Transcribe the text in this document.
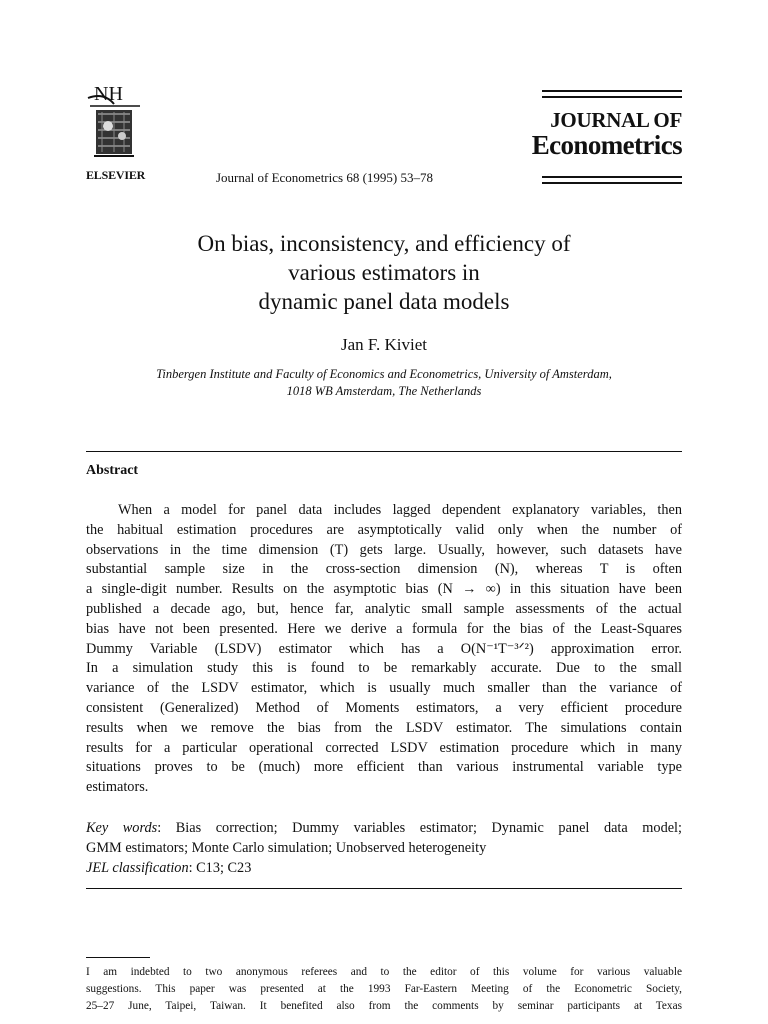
NH
ELSEVIER	Journal of Econometrics 68 (1995) 53–78
JOURNAL OF
Econometrics
On bias, inconsistency, and efficiency of
various estimators in
dynamic panel data models
Jan F. Kiviet
Tinbergen Institute and Faculty of Economics and Econometrics, University of Amsterdam,
1018 WB Amsterdam, The Netherlands
Abstract
When a model for panel data includes lagged dependent explanatory variables, then
the habitual estimation procedures are asymptotically valid only when the number of
observations in the time dimension (T) gets large. Usually, however, such datasets have
substantial sample size in the cross-section dimension (N), whereas T is often
a single-digit number. Results on the asymptotic bias (N → ∞) in this situation have been
published a decade ago, but, hence far, analytic small sample assessments of the actual
bias have not been presented. Here we derive a formula for the bias of the Least-Squares
Dummy Variable (LSDV) estimator which has a O(N⁻¹T⁻³ᐟ²) approximation error.
In a simulation study this is found to be remarkably accurate. Due to the small
variance of the LSDV estimator, which is usually much smaller than the variance of
consistent (Generalized) Method of Moments estimators, a very efficient procedure
results when we remove the bias from the LSDV estimator. The simulations contain
results for a particular operational corrected LSDV estimation procedure which in many
situations proves to be (much) more efficient than various instrumental variable type
estimators.
Key words: Bias correction; Dummy variables estimator; Dynamic panel data model;
GMM estimators; Monte Carlo simulation; Unobserved heterogeneity
JEL classification: C13; C23
I am indebted to two anonymous referees and to the editor of this volume for various valuable
suggestions. This paper was presented at the 1993 Far-Eastern Meeting of the Econometric Society,
25–27 June, Taipei, Taiwan. It benefited also from the comments by seminar participants at Texas
